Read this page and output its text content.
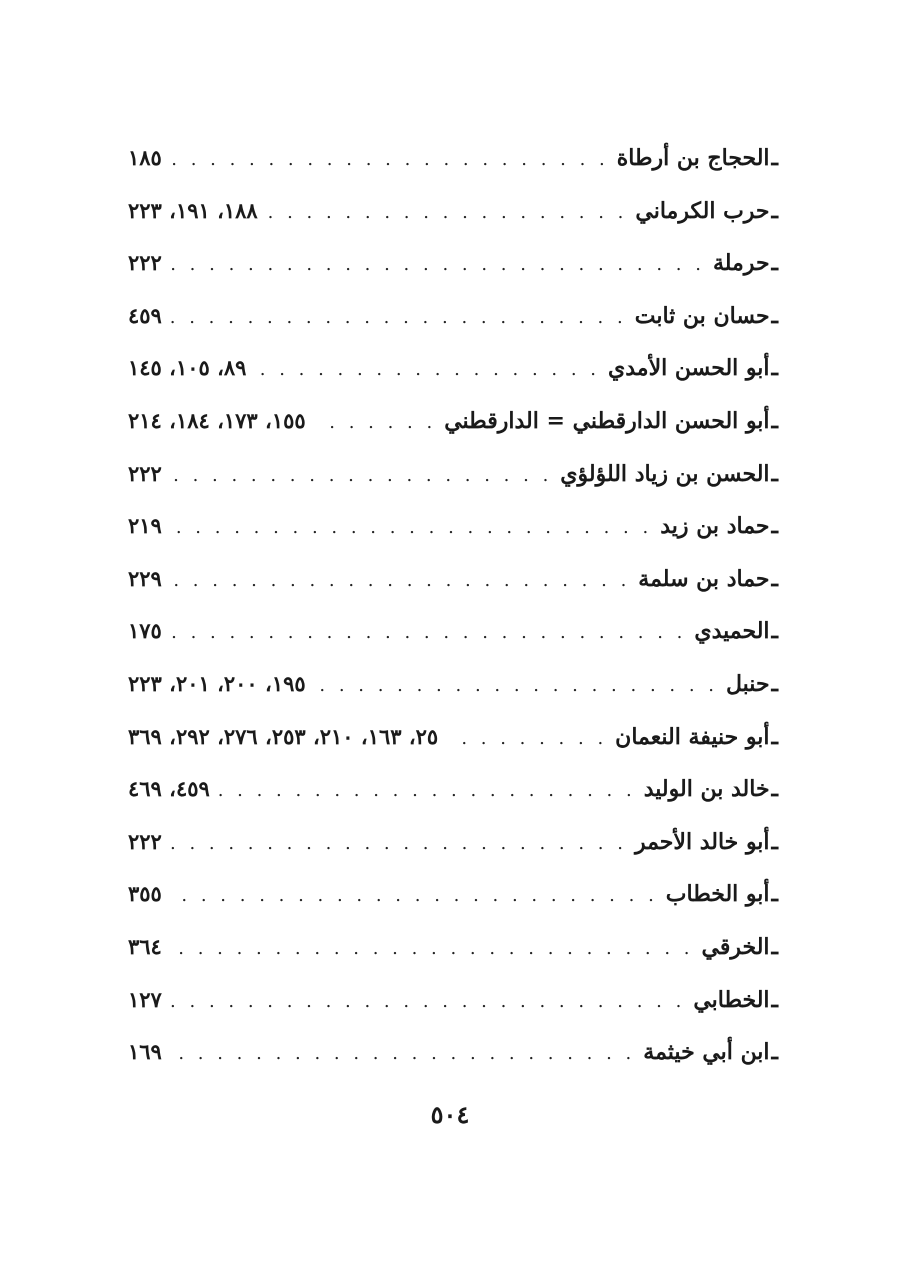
ـ
الحجاج بن أرطاة
. . .
١٨٥
ـ
حرب الكرماني
. . .
١٨٨، ١٩١، ٢٢٣
ـ
حرملة
. . .
٢٢٢
ـ
حسان بن ثابت
. . .
٤٥٩
ـ
أبو الحسن الأمدي
. . .
٨٩، ١٠٥، ١٤٥
ـ
أبو الحسن الدارقطني = الدارقطني
. . .
١٥٥، ١٧٣، ١٨٤، ٢١٤
ـ
الحسن بن زياد اللؤلؤي
. . .
٢٢٢
ـ
حماد بن زيد
. . .
٢١٩
ـ
حماد بن سلمة
. . .
٢٢٩
ـ
الحميدي
. . .
١٧٥
ـ
حنبل
. . .
١٩٥، ٢٠٠، ٢٠١، ٢٢٣
ـ
أبو حنيفة النعمان
. . .
٢٥، ١٦٣، ٢١٠، ٢٥٣، ٢٧٦، ٢٩٢، ٣٦٩
ـ
خالد بن الوليد
. . .
٤٥٩، ٤٦٩
ـ
أبو خالد الأحمر
. . .
٢٢٢
ـ
أبو الخطاب
. . .
٣٥٥
ـ
الخرقي
. . .
٣٦٤
ـ
الخطابي
. . .
١٢٧
ـ
ابن أبي خيثمة
. . .
١٦٩
٥٠٤
